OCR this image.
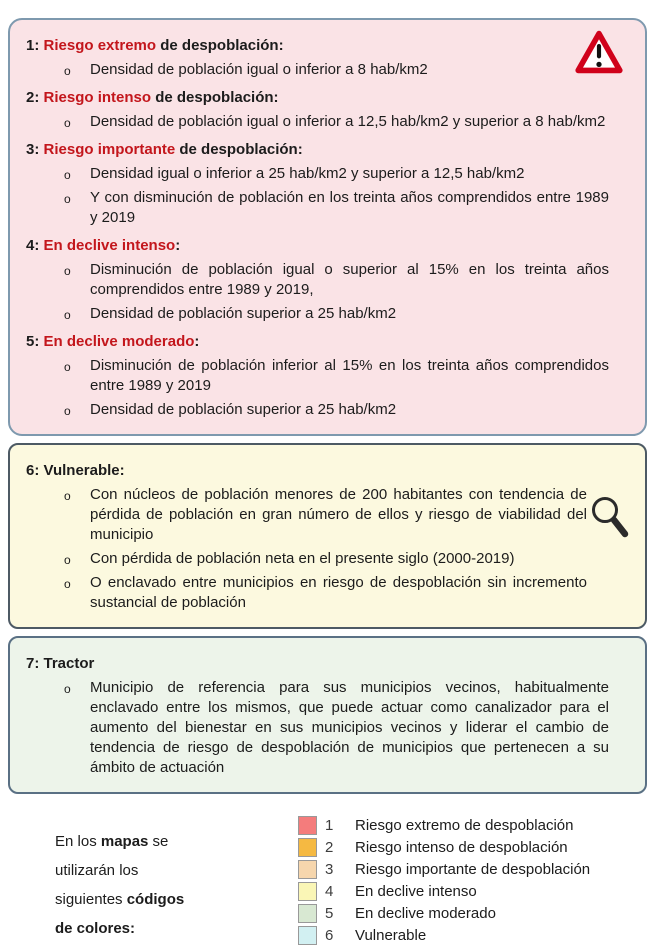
1: Riesgo extremo de despoblación:
o Densidad de población igual o inferior a 8 hab/km2
2: Riesgo intenso de despoblación:
o Densidad de población igual o inferior a 12,5 hab/km2 y superior a 8 hab/km2
3: Riesgo importante de despoblación:
o Densidad igual o inferior a 25 hab/km2 y superior a 12,5 hab/km2
o Y con disminución de población en los treinta años comprendidos entre 1989 y 2019
4: En declive intenso:
o Disminución de población igual o superior al 15% en los treinta años comprendidos entre 1989 y 2019,
o Densidad de población superior a 25 hab/km2
5: En declive moderado:
o Disminución de población inferior al 15% en los treinta años comprendidos entre 1989 y 2019
o Densidad de población superior a 25 hab/km2
6: Vulnerable:
o Con núcleos de población menores de 200 habitantes con tendencia de pérdida de población en gran número de ellos y riesgo de viabilidad del municipio
o Con pérdida de población neta en el presente siglo (2000-2019)
o O enclavado entre municipios en riesgo de despoblación sin incremento sustancial de población
7: Tractor
o Municipio de referencia para sus municipios vecinos, habitualmente enclavado entre los mismos, que puede actuar como canalizador para el aumento del bienestar en sus municipios vecinos y liderar el cambio de tendencia de riesgo de despoblación de municipios que pertenecen a su ámbito de actuación

En los mapas se

utilizarán los

siguientes códigos

de colores:

1	Riesgo extremo de despoblación
2	Riesgo intenso de despoblación
3	Riesgo importante de despoblación
4	En declive intenso
5	En declive moderado
6	Vulnerable
